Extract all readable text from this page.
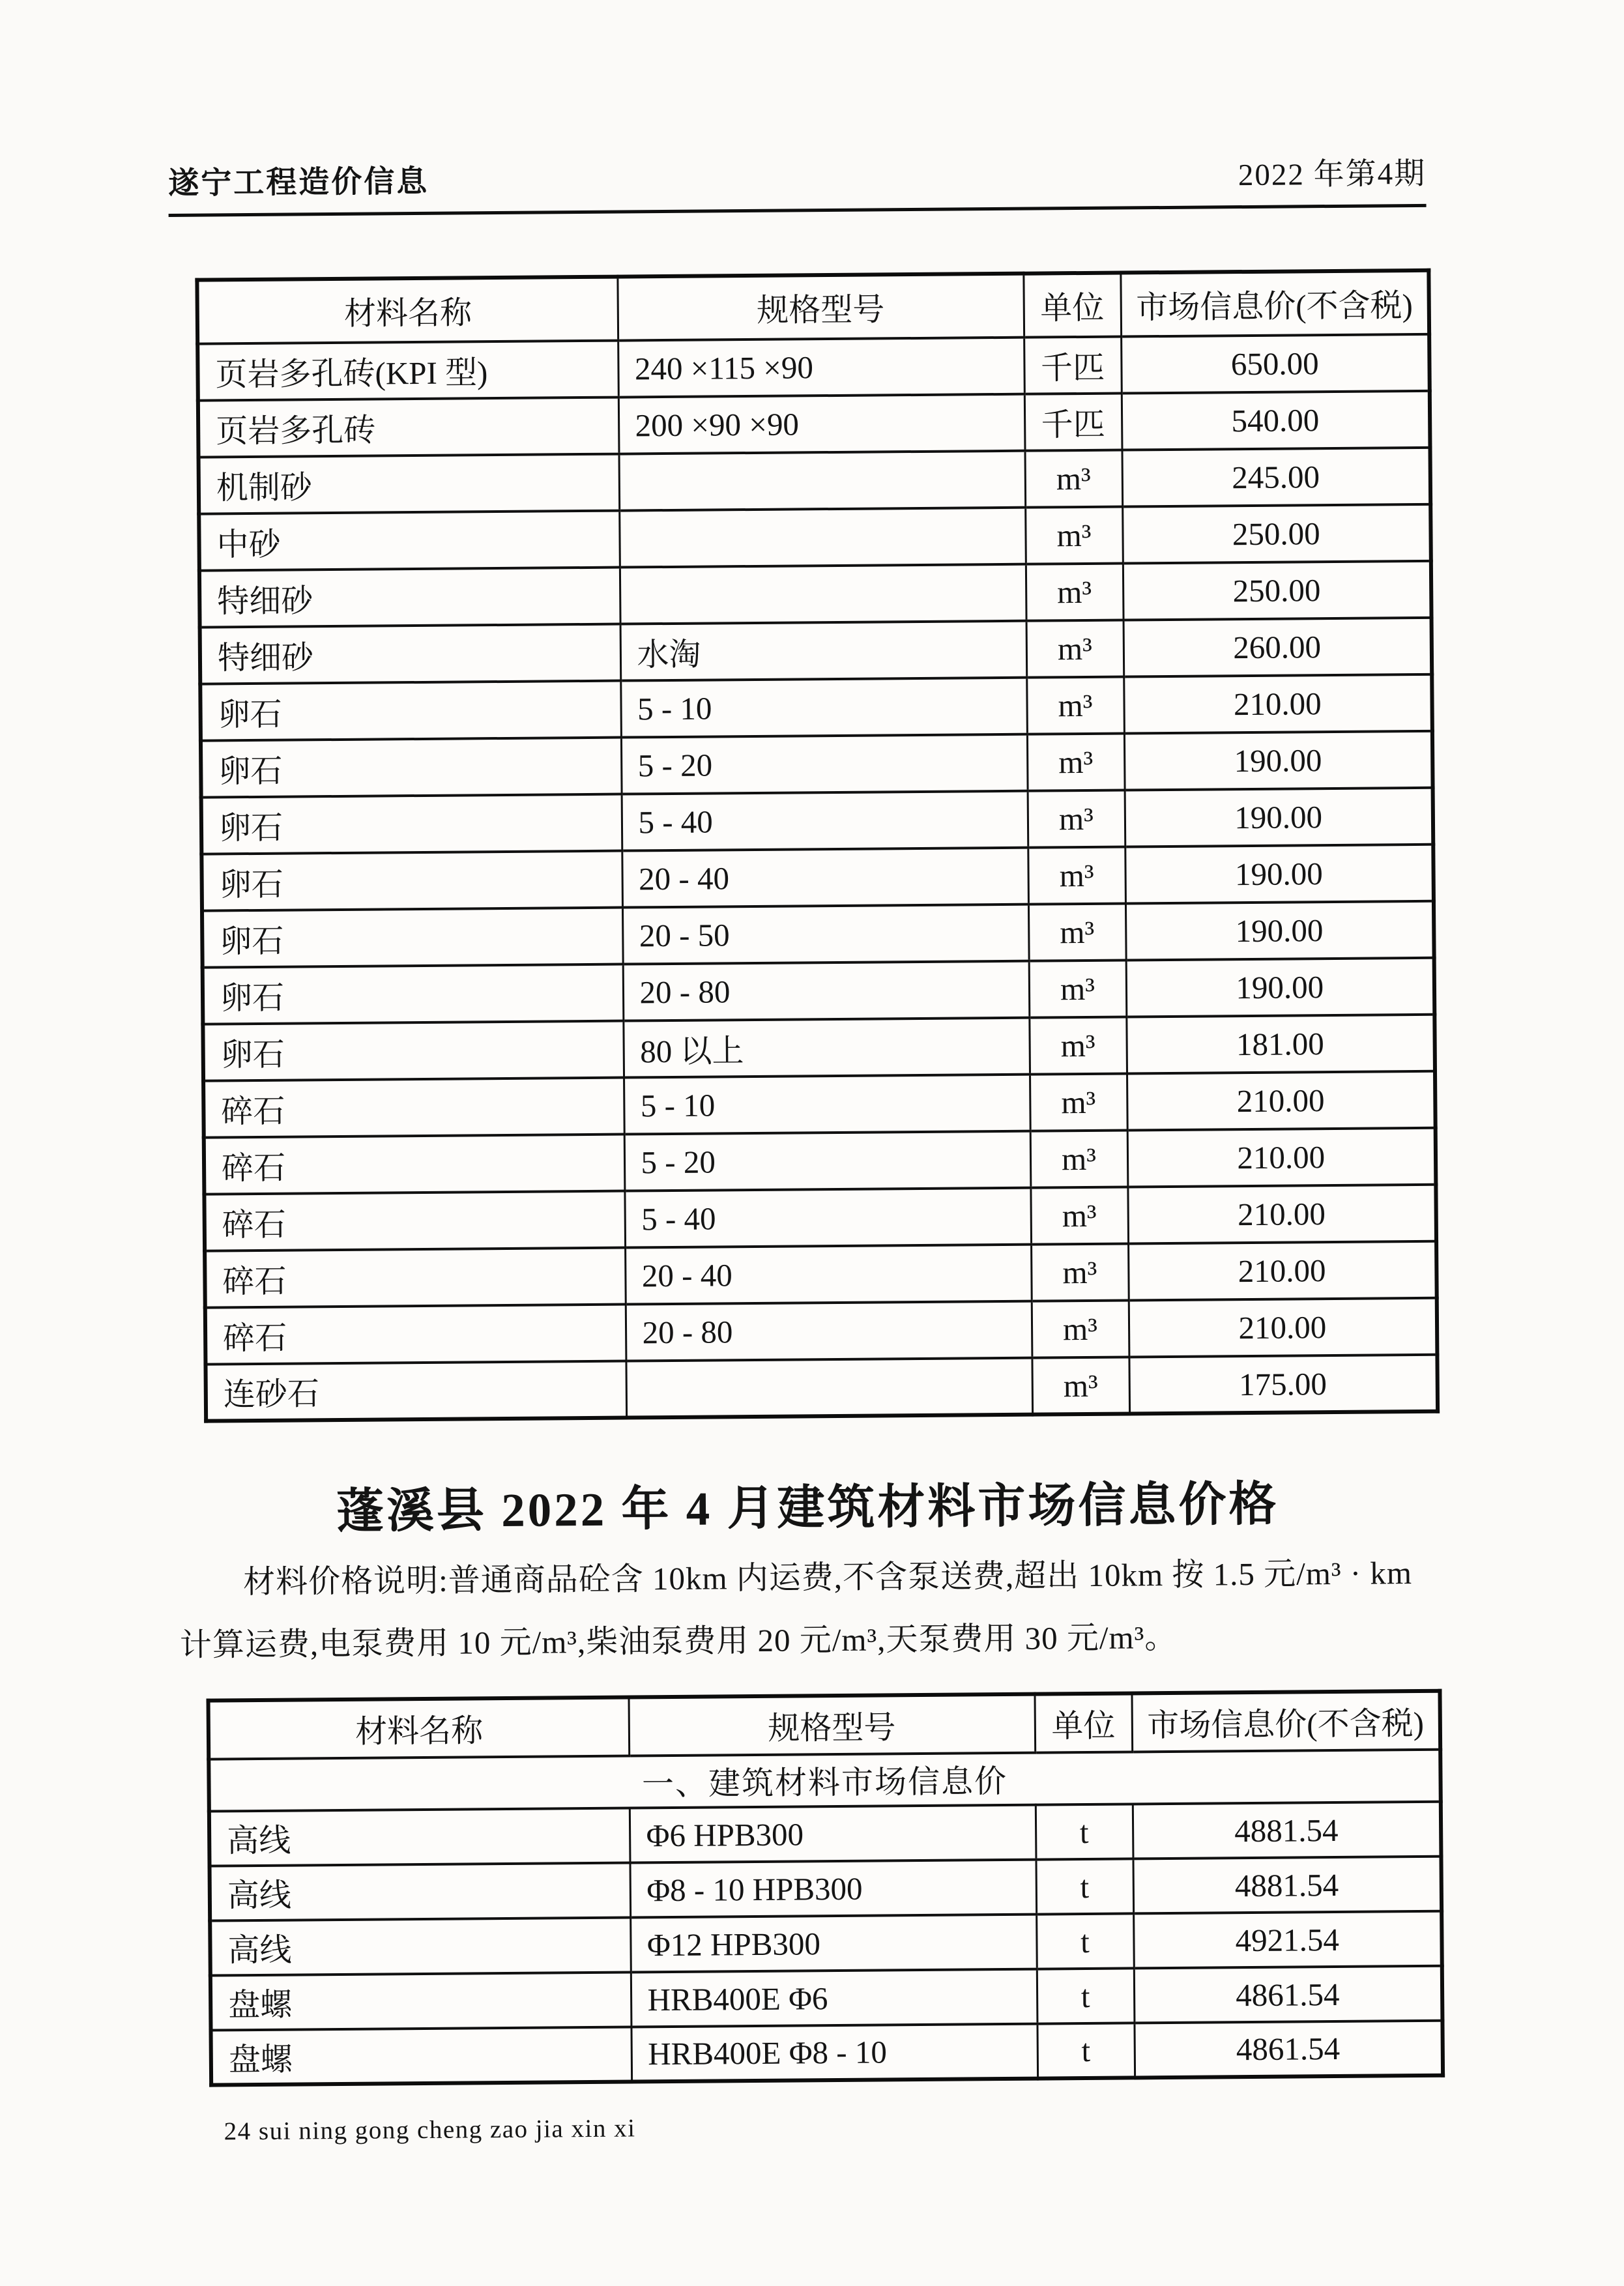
遂宁工程造价信息	2022 年第4期
材料名称	规格型号	单位	市场信息价(不含税)
页岩多孔砖(KPI 型)	240 ×115 ×90	千匹	650.00
页岩多孔砖	200 ×90 ×90	千匹	540.00
机制砂		m³	245.00
中砂		m³	250.00
特细砂		m³	250.00
特细砂	水淘	m³	260.00
卵石	5 - 10	m³	210.00
卵石	5 - 20	m³	190.00
卵石	5 - 40	m³	190.00
卵石	20 - 40	m³	190.00
卵石	20 - 50	m³	190.00
卵石	20 - 80	m³	190.00
卵石	80 以上	m³	181.00
碎石	5 - 10	m³	210.00
碎石	5 - 20	m³	210.00
碎石	5 - 40	m³	210.00
碎石	20 - 40	m³	210.00
碎石	20 - 80	m³	210.00
连砂石		m³	175.00
蓬溪县 2022 年 4 月建筑材料市场信息价格

材料价格说明:普通商品砼含 10km 内运费,不含泵送费,超出 10km 按 1.5 元/m³ · km

计算运费,电泵费用 10 元/m³,柴油泵费用 20 元/m³,天泵费用 30 元/m³。

材料名称	规格型号	单位	市场信息价(不含税)
一、建筑材料市场信息价			
高线	Φ6 HPB300	t	4881.54
高线	Φ8 - 10 HPB300	t	4881.54
高线	Φ12 HPB300	t	4921.54
盘螺	HRB400E Φ6	t	4861.54
盘螺	HRB400E Φ8 - 10	t	4861.54
24 sui ning gong cheng zao jia xin xi
